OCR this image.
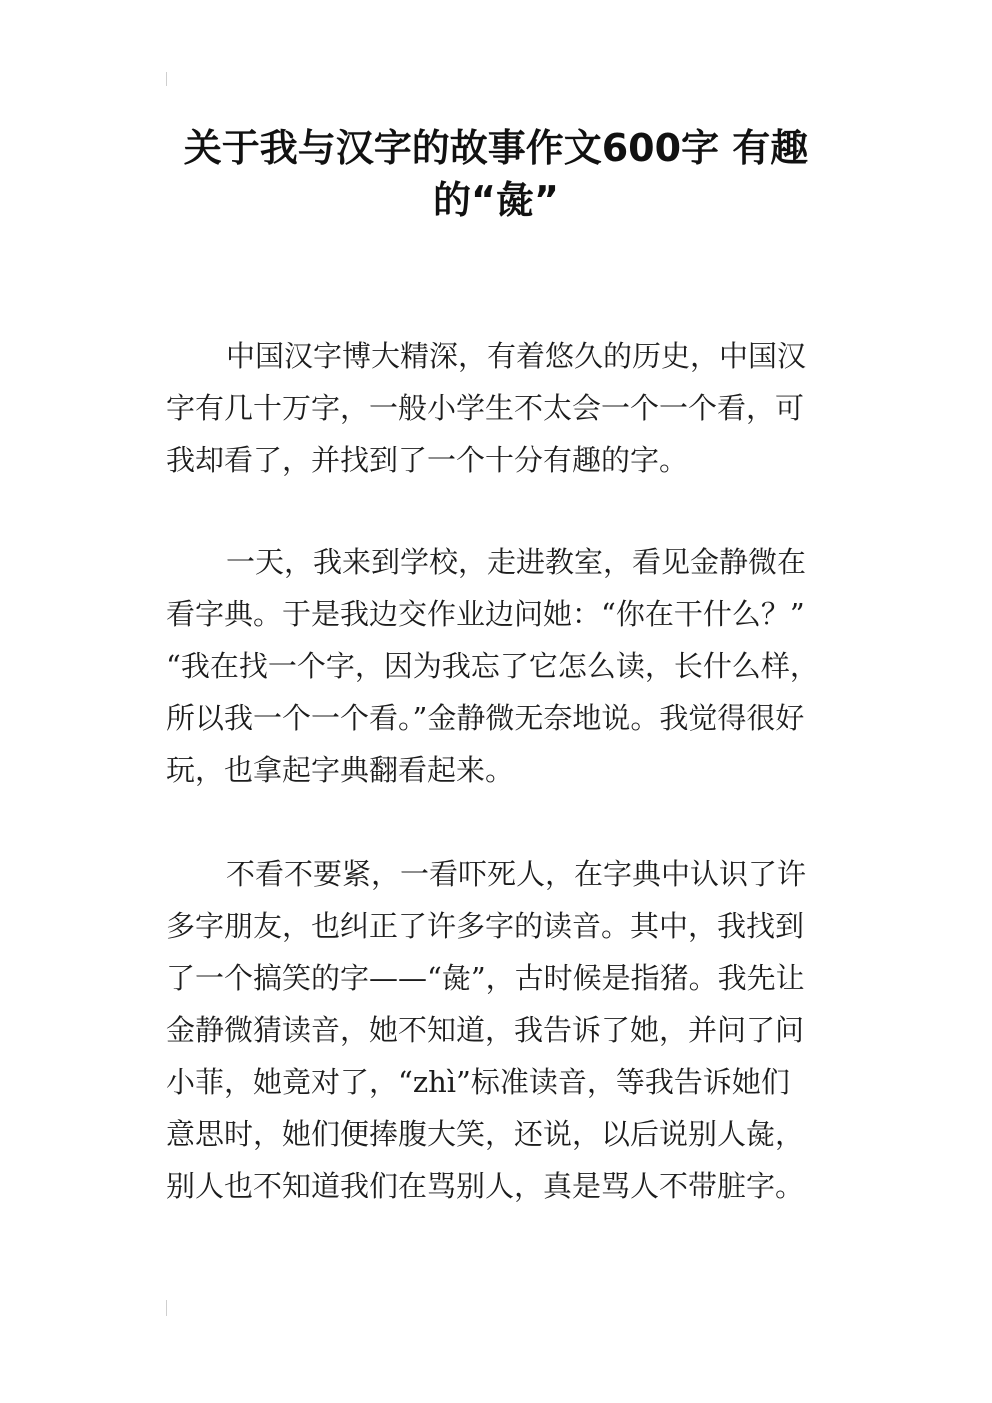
关于我与汉字的故事作文600字 有趣
的“彘”

中国汉字博大精深，有着悠久的历史，中国汉
字有几十万字，一般小学生不太会一个一个看，可
我却看了，并找到了一个十分有趣的字。

一天，我来到学校，走进教室，看见金静微在
看字典。于是我边交作业边问她：“你在干什么？”
“我在找一个字，因为我忘了它怎么读，长什么样，
所以我一个一个看。”金静微无奈地说。我觉得很好
玩，也拿起字典翻看起来。

不看不要紧，一看吓死人，在字典中认识了许
多字朋友，也纠正了许多字的读音。其中，我找到
了一个搞笑的字——“彘”，古时候是指猪。我先让
金静微猜读音，她不知道，我告诉了她，并问了问
小菲，她竟对了，“zhì”标准读音，等我告诉她们
意思时，她们便捧腹大笑，还说，以后说别人彘，
别人也不知道我们在骂别人，真是骂人不带脏字。
